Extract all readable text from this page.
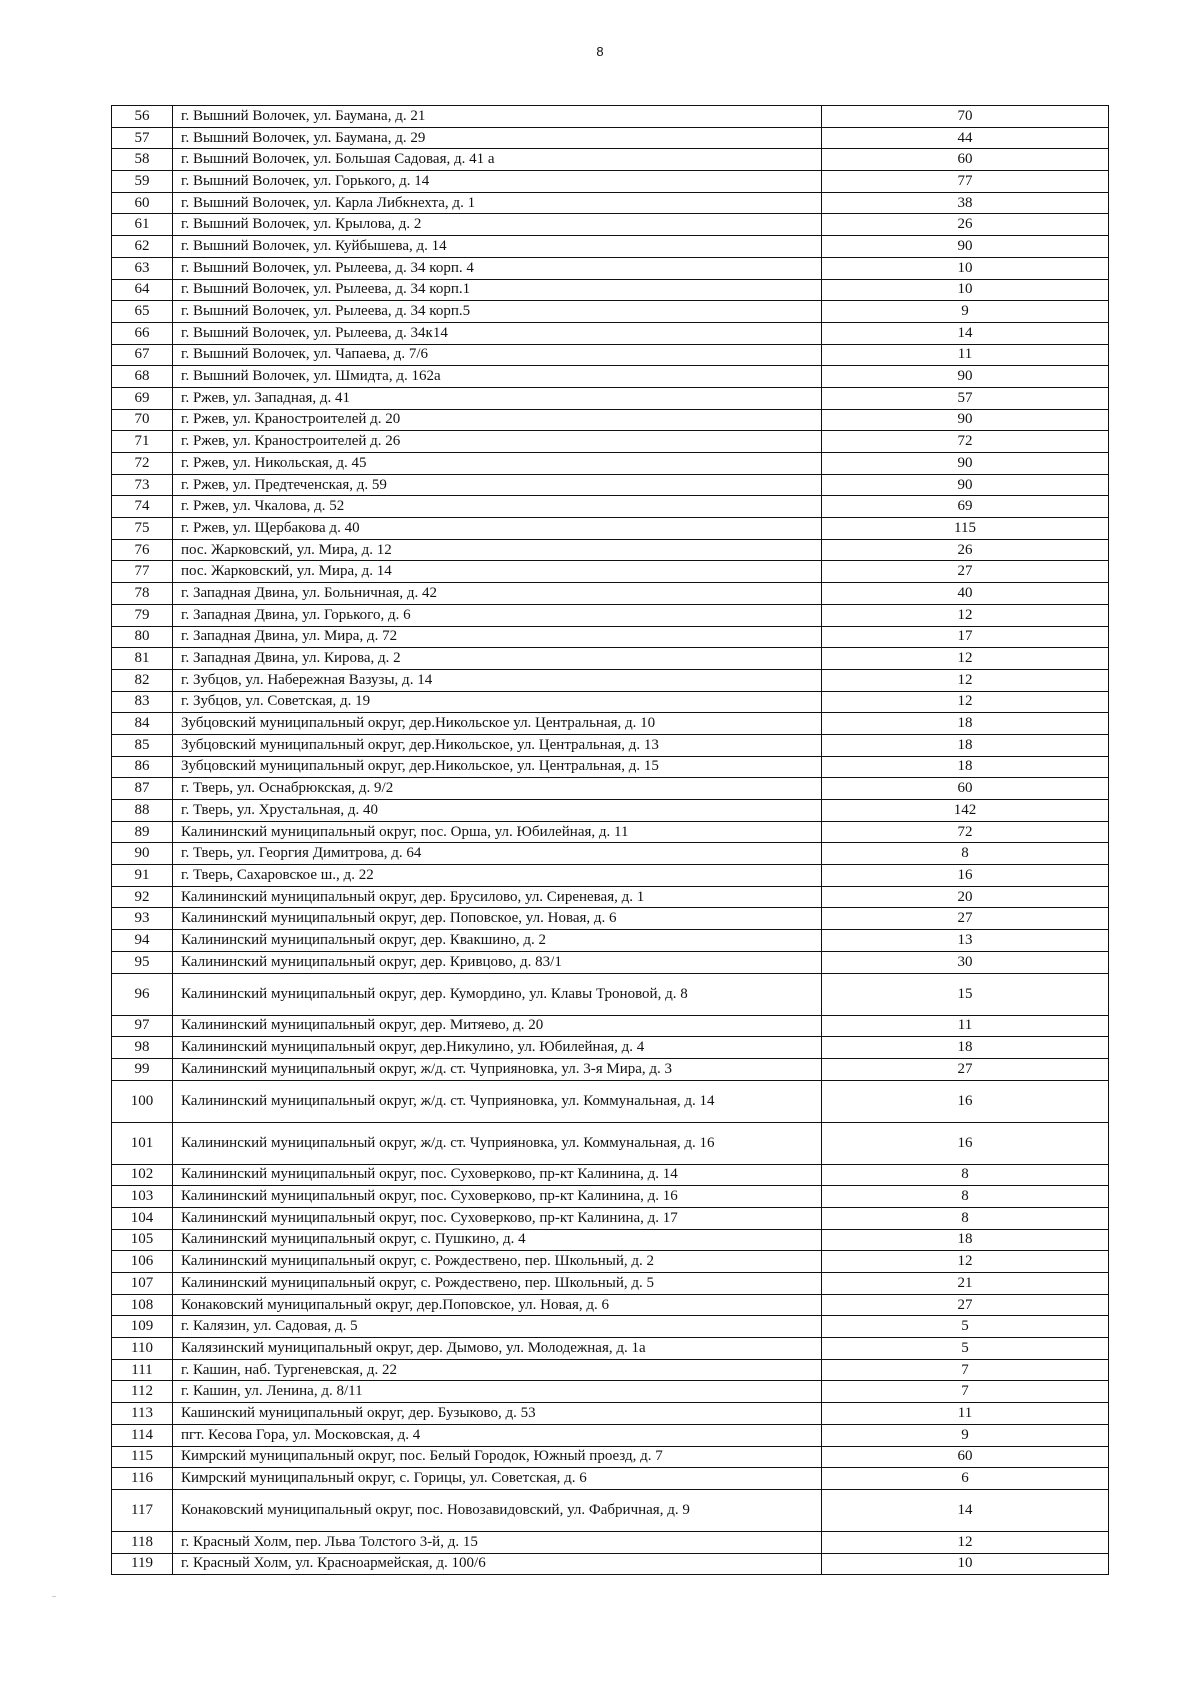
8
56	г. Вышний Волочек, ул. Баумана, д. 21	70
57	г. Вышний Волочек, ул. Баумана, д. 29	44
58	г. Вышний Волочек, ул. Большая Садовая, д. 41 а	60
59	г. Вышний Волочек, ул. Горького, д. 14	77
60	г. Вышний Волочек, ул. Карла Либкнехта, д. 1	38
61	г. Вышний Волочек, ул. Крылова, д. 2	26
62	г. Вышний Волочек, ул. Куйбышева, д. 14	90
63	г. Вышний Волочек, ул. Рылеева, д. 34 корп. 4	10
64	г. Вышний Волочек, ул. Рылеева, д. 34 корп.1	10
65	г. Вышний Волочек, ул. Рылеева, д. 34 корп.5	9
66	г. Вышний Волочек, ул. Рылеева, д. 34к14	14
67	г. Вышний Волочек, ул. Чапаева, д. 7/6	11
68	г. Вышний Волочек, ул. Шмидта, д. 162а	90
69	г. Ржев, ул. Западная, д. 41	57
70	г. Ржев, ул. Краностроителей д. 20	90
71	г. Ржев, ул. Краностроителей д. 26	72
72	г. Ржев, ул. Никольская, д. 45	90
73	г. Ржев, ул. Предтеченская, д. 59	90
74	г. Ржев, ул. Чкалова, д. 52	69
75	г. Ржев, ул. Щербакова д. 40	115
76	пос. Жарковский, ул. Мира, д. 12	26
77	пос. Жарковский, ул. Мира, д. 14	27
78	г. Западная Двина, ул. Больничная, д. 42	40
79	г. Западная Двина, ул. Горького, д. 6	12
80	г. Западная Двина, ул. Мира, д. 72	17
81	г. Западная Двина, ул. Кирова, д. 2	12
82	г. Зубцов, ул. Набережная Вазузы, д. 14	12
83	г. Зубцов, ул. Советская, д. 19	12
84	Зубцовский муниципальный округ, дер.Никольское ул. Центральная, д. 10	18
85	Зубцовский муниципальный округ, дер.Никольское, ул. Центральная, д. 13	18
86	Зубцовский муниципальный округ, дер.Никольское, ул. Центральная, д. 15	18
87	г. Тверь, ул. Оснабрюкская, д. 9/2	60
88	г. Тверь, ул. Хрустальная, д. 40	142
89	Калининский муниципальный округ, пос. Орша, ул. Юбилейная, д. 11	72
90	г. Тверь, ул. Георгия Димитрова, д. 64	8
91	г. Тверь, Сахаровское ш., д. 22	16
92	Калининский муниципальный округ, дер. Брусилово, ул. Сиреневая, д. 1	20
93	Калининский муниципальный округ, дер. Поповское, ул. Новая, д. 6	27
94	Калининский муниципальный округ, дер. Квакшино, д. 2	13
95	Калининский муниципальный округ, дер. Кривцово, д. 83/1	30
96	Калининский муниципальный округ, дер. Кумордино, ул. Клавы Троновой, д. 8	15
97	Калининский муниципальный округ, дер. Митяево, д. 20	11
98	Калининский муниципальный округ, дер.Никулино, ул. Юбилейная, д. 4	18
99	Калининский муниципальный округ, ж/д. ст. Чуприяновка, ул. 3-я Мира, д. 3	27
100	Калининский муниципальный округ, ж/д. ст. Чуприяновка, ул. Коммунальная, д. 14	16
101	Калининский муниципальный округ, ж/д. ст. Чуприяновка, ул. Коммунальная, д. 16	16
102	Калининский муниципальный округ, пос. Суховерково, пр-кт Калинина, д. 14	8
103	Калининский муниципальный округ, пос. Суховерково, пр-кт Калинина, д. 16	8
104	Калининский муниципальный округ, пос. Суховерково, пр-кт Калинина, д. 17	8
105	Калининский муниципальный округ, с. Пушкино, д. 4	18
106	Калининский муниципальный округ, с. Рождествено, пер. Школьный, д. 2	12
107	Калининский муниципальный округ, с. Рождествено, пер. Школьный, д. 5	21
108	Конаковский муниципальный округ, дер.Поповское, ул. Новая, д. 6	27
109	г. Калязин, ул. Садовая, д. 5	5
110	Калязинский муниципальный округ, дер. Дымово, ул. Молодежная, д. 1а	5
111	г. Кашин, наб. Тургеневская, д. 22	7
112	г. Кашин, ул. Ленина, д. 8/11	7
113	Кашинский муниципальный округ, дер. Бузыково, д. 53	11
114	пгт. Кесова Гора, ул. Московская, д. 4	9
115	Кимрский муниципальный округ, пос. Белый Городок, Южный проезд, д. 7	60
116	Кимрский муниципальный округ, с. Горицы, ул. Советская, д. 6	6
117	Конаковский муниципальный округ, пос. Новозавидовский, ул. Фабричная, д. 9	14
118	г. Красный Холм, пер. Льва Толстого 3-й, д. 15	12
119	г. Красный Холм, ул. Красноармейская, д. 100/6	10
